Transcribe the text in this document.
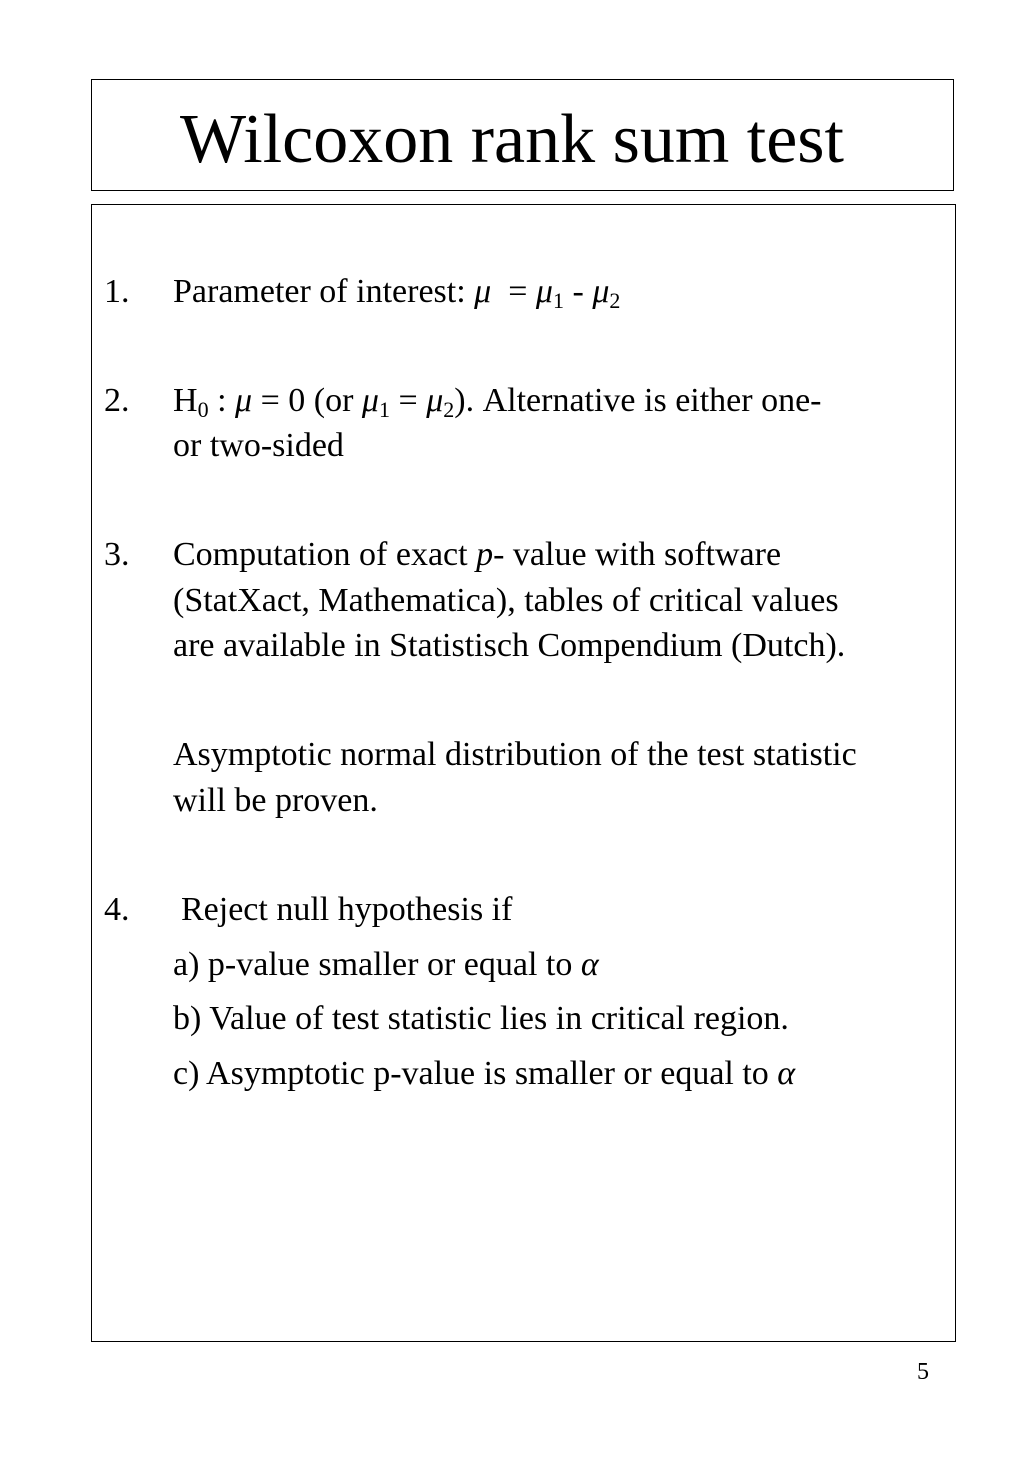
Wilcoxon rank sum test
1. Parameter of interest: $\mu = \mu_1 - \mu_2$
2. $H_0$ : μ = 0 (or $\mu_1 = \mu_2$). Alternative is either one-
or two-sided
3. Computation of exact p- value with software
(StatXact, Mathematica), tables of critical values
are available in Statistisch Compendium (Dutch).
Asymptotic normal distribution of the test statistic
will be proven.
4. Reject null hypothesis if
a) p-value smaller or equal to α
b) Value of test statistic lies in critical region.
c) Asymptotic p-value is smaller or equal to α
5
